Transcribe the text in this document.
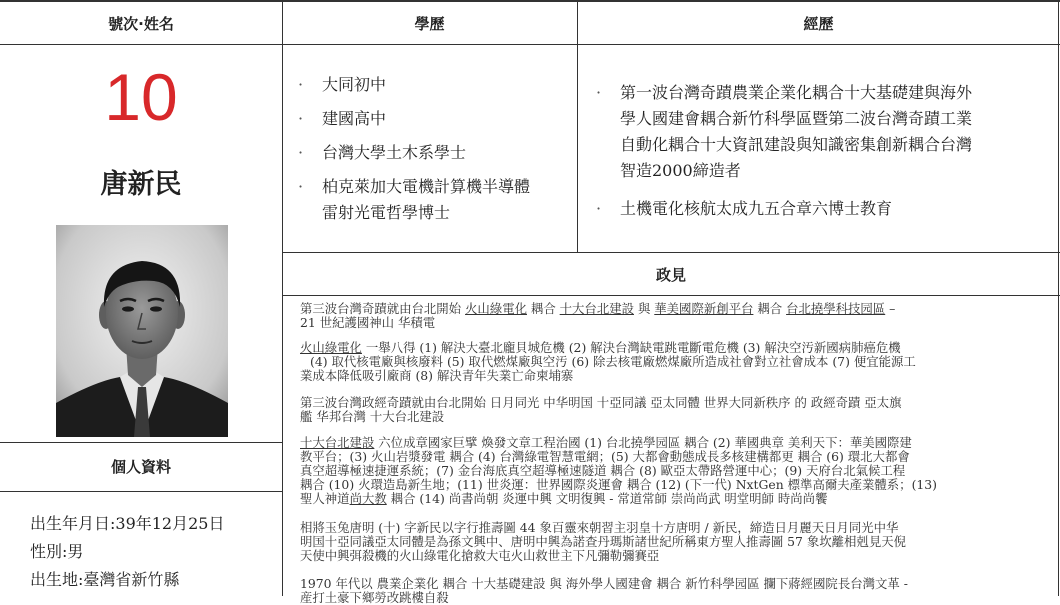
號次·姓名	學歷	經歷
政見
個人資料
10
唐新民
出生年月日:39年12月25日
性別:男
出生地:臺灣省新竹縣
· 大同初中
· 建國高中
· 台灣大學土木系學士
· 柏克萊加大電機計算機半導體
雷射光電哲學博士
· 第一波台灣奇蹟農業企業化耦合十大基礎建與海外
學人國建會耦合新竹科學區暨第二波台灣奇蹟工業
自動化耦合十大資訊建設與知識密集創新耦合台灣
智造2000締造者
· 土機電化核航太成九五合章六博士教育
第三波台灣奇蹟就由台北開始 火山綠電化 耦合 十大台北建設 與 華美國際新創平台 耦合 台北撓學科技园區 –
21 世紀護國神山 华積電
火山綠電化 一舉八得 (1) 解決大臺北龐貝城危機 (2) 解決台灣缺電跳電斷電危機 (3) 解決空汚新國病肺癌危機
(4) 取代核電廠與核廢料 (5) 取代燃煤廠與空汚 (6) 除去核電廠燃煤廠所造成社會對立社會成本 (7) 便宜能源工
業成本降低吸引廠商 (8) 解決青年失業亡命柬埔寨
第三波台灣政經奇蹟就由台北開始 日月同光 中华明国 十亞同議 亞太同體 世界大同新秩序 的 政經奇蹟 亞太旗
艦 华邦台灣 十大台北建設
十大台北建設 六位成章國家巨擘 煥發文章工程治國 (1) 台北撓學园區 耦合 (2) 華國典章 美利天下：華美國際建
教平台；(3) 火山岩漿發電 耦合 (4) 台灣綠電智慧電網；(5) 大都會動態成長多核建構都更 耦合 (6) 環北大都會
真空超導極速捷運系統；(7) 金台海底真空超導極速隧道 耦合 (8) 歐亞太帶路營運中心；(9) 天府台北氣候工程
耦合 (10) 火環造島新生地；(11) 世炎運：世界國際炎運會 耦合 (12) (下一代) NxtGen 標準高爾夫產業體系；(13)
聖人神道尚大教 耦合 (14) 尚書尚朝 炎運中興 文明復興 - 常道常師 崇尚尚武 明堂明師 時尚尚饗
相將玉兔唐明 (十) 字新民以字行推壽圖 44 象百靈來朝習主羽皇十方唐明 / 新民，締造日月麗天日月同光中华
明国十亞同議亞太同體是為孫文興中、唐明中興為諾查丹瑪斯諸世紀所稱東方聖人推壽圖 57 象坎離相剋見天倪
天使中興弭殺機的火山綠電化搶救大屯火山救世主下凡彌勒彌賽亞
1970 年代以 農業企業化 耦合 十大基礎建設 與 海外學人國建會 耦合 新竹科學园區 攔下蔣經國院長台灣文革 -
産打土豪下鄉勞改跳樓自殺
